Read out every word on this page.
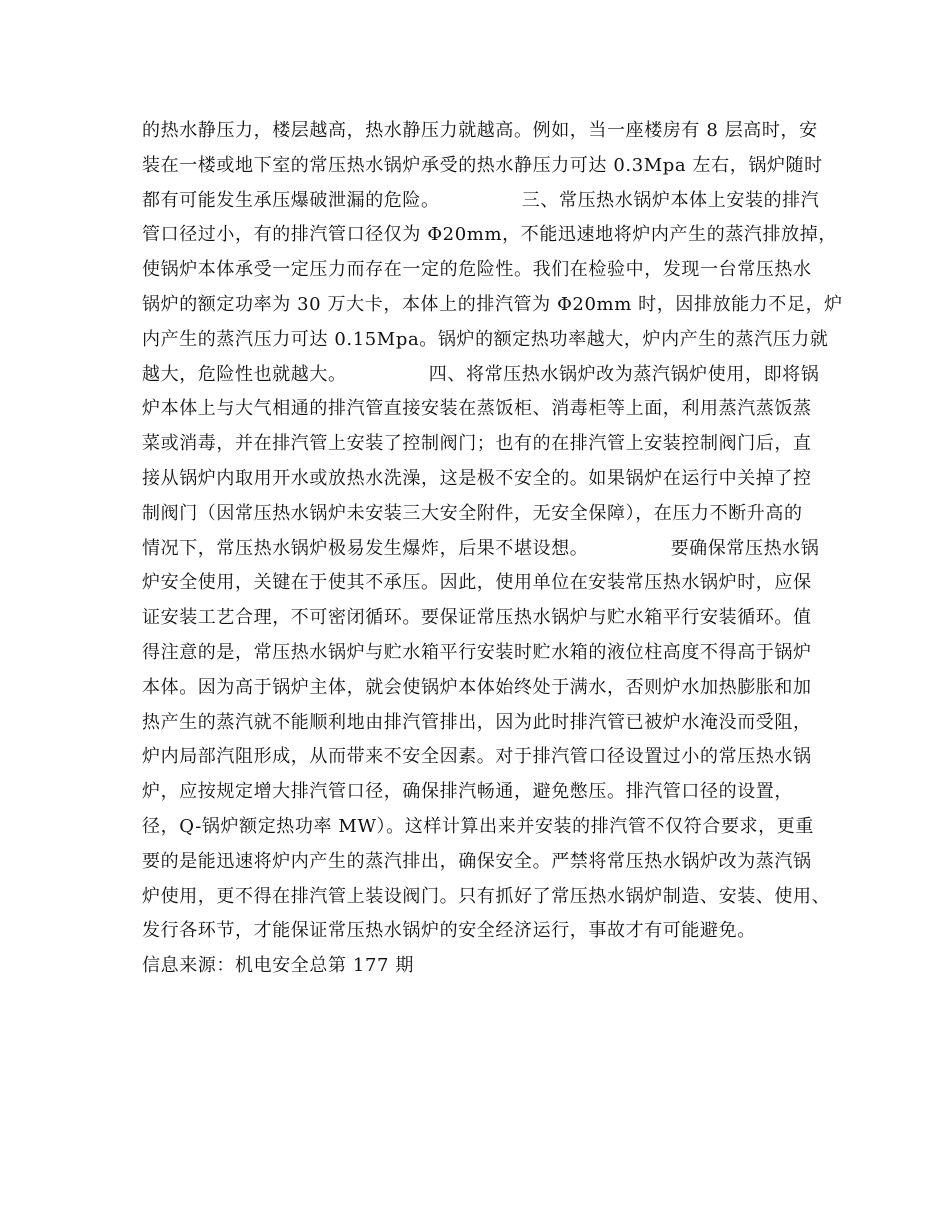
的热水静压力，楼层越高，热水静压力就越高。例如，当一座楼房有 8 层高时，安
装在一楼或地下室的常压热水锅炉承受的热水静压力可达 0.3Mpa 左右，锅炉随时
都有可能发生承压爆破泄漏的危险。             三、常压热水锅炉本体上安装的排汽
管口径过小，有的排汽管口径仅为 Φ20mm，不能迅速地将炉内产生的蒸汽排放掉，
使锅炉本体承受一定压力而存在一定的危险性。我们在检验中，发现一台常压热水
锅炉的额定功率为 30 万大卡，本体上的排汽管为 Φ20mm 时，因排放能力不足，炉
内产生的蒸汽压力可达 0.15Mpa。锅炉的额定热功率越大，炉内产生的蒸汽压力就
越大，危险性也就越大。             四、将常压热水锅炉改为蒸汽锅炉使用，即将锅
炉本体上与大气相通的排汽管直接安装在蒸饭柜、消毒柜等上面，利用蒸汽蒸饭蒸
菜或消毒，并在排汽管上安装了控制阀门；也有的在排汽管上安装控制阀门后，直
接从锅炉内取用开水或放热水洗澡，这是极不安全的。如果锅炉在运行中关掉了控
制阀门（因常压热水锅炉未安装三大安全附件，无安全保障），在压力不断升高的
情况下，常压热水锅炉极易发生爆炸，后果不堪设想。             要确保常压热水锅
炉安全使用，关键在于使其不承压。因此，使用单位在安装常压热水锅炉时，应保
证安装工艺合理，不可密闭循环。要保证常压热水锅炉与贮水箱平行安装循环。值
得注意的是，常压热水锅炉与贮水箱平行安装时贮水箱的液位柱高度不得高于锅炉
本体。因为高于锅炉主体，就会使锅炉本体始终处于满水，否则炉水加热膨胀和加
热产生的蒸汽就不能顺利地由排汽管排出，因为此时排汽管已被炉水淹没而受阻，
炉内局部汽阻形成，从而带来不安全因素。对于排汽管口径设置过小的常压热水锅
炉，应按规定增大排汽管口径，确保排汽畅通，避免憋压。排汽管口径的设置，
径，Q-锅炉额定热功率 MW）。这样计算出来并安装的排汽管不仅符合要求，更重
要的是能迅速将炉内产生的蒸汽排出，确保安全。严禁将常压热水锅炉改为蒸汽锅
炉使用，更不得在排汽管上装设阀门。只有抓好了常压热水锅炉制造、安装、使用、
发行各环节，才能保证常压热水锅炉的安全经济运行，事故才有可能避免。
信息来源：机电安全总第 177 期
